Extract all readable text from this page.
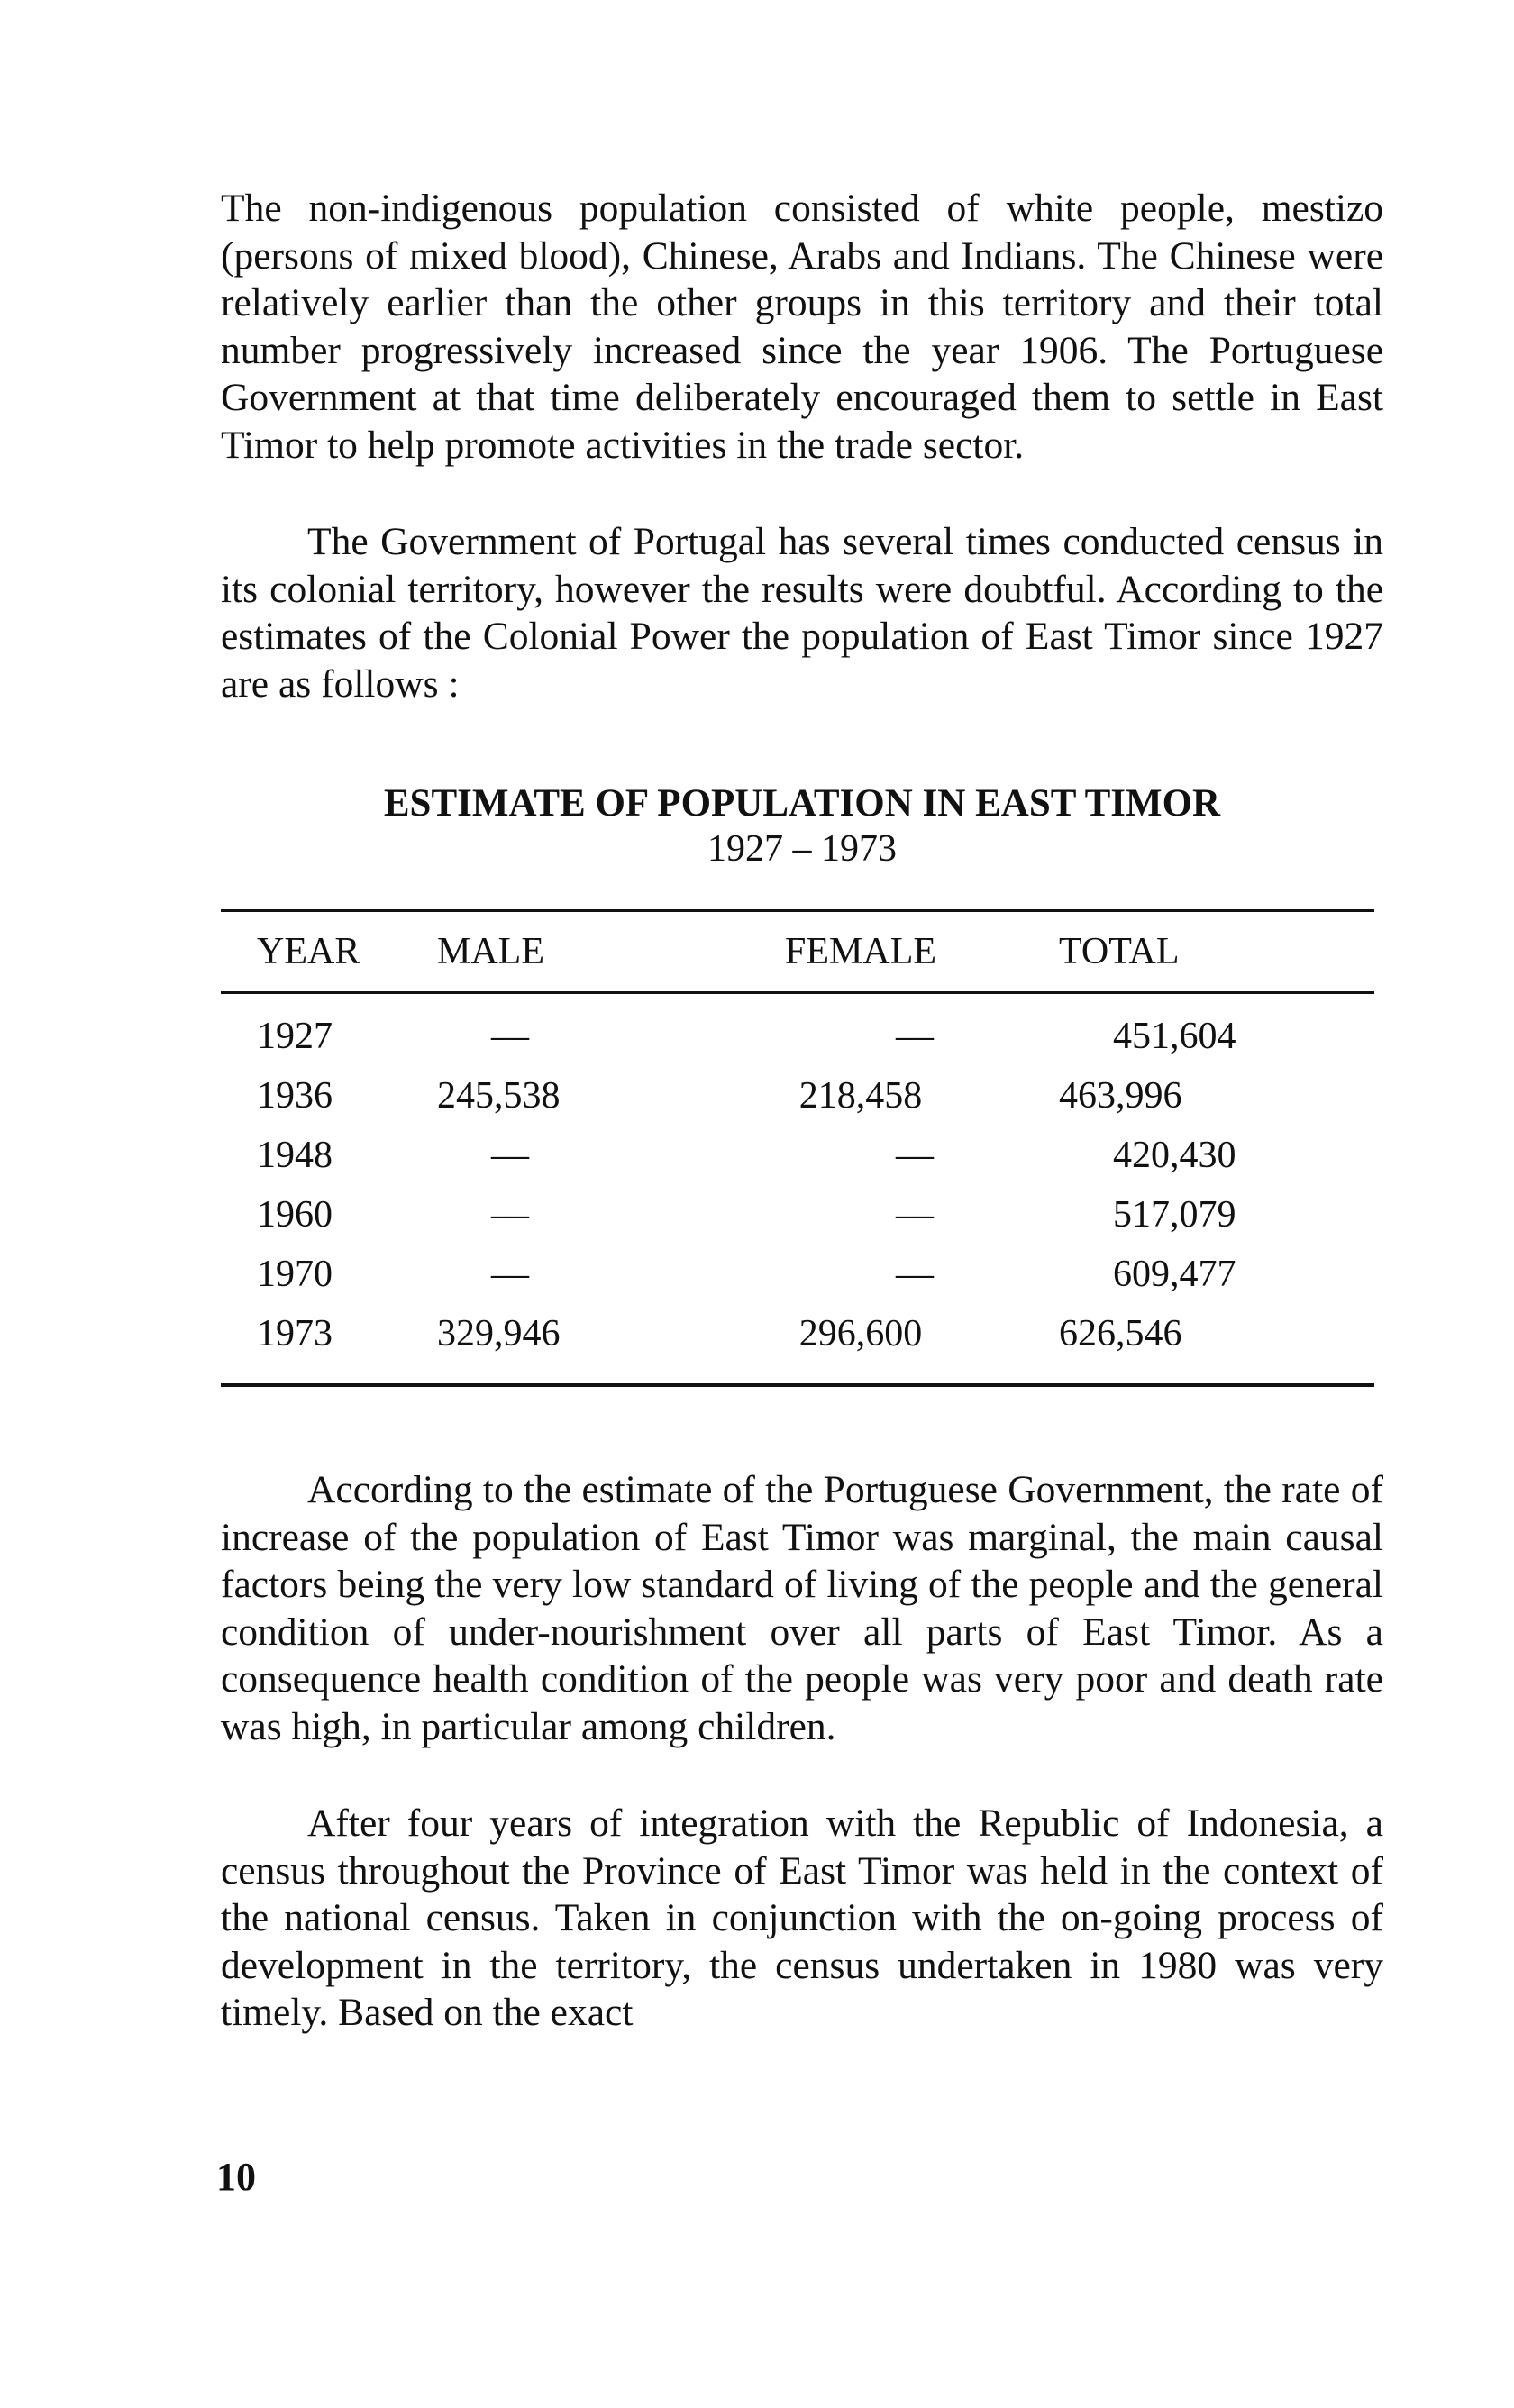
The non-indigenous population consisted of white people, mestizo (persons of mixed blood), Chinese, Arabs and Indians. The Chinese were relatively earlier than the other groups in this territory and their total number progressively increased since the year 1906. The Portuguese Government at that time deliberately encouraged them to settle in East Timor to help promote activities in the trade sector.

The Government of Portugal has several times conducted census in its colonial territory, however the results were doubtful. According to the estimates of the Colonial Power the population of East Timor since 1927 are as follows :

ESTIMATE OF POPULATION IN EAST TIMOR
1927 – 1973
YEAR	MALE	FEMALE	TOTAL
1927	––	––	451,604
1936	245,538	218,458	463,996
1948	––	––	420,430
1960	––	––	517,079
1970	––	––	609,477
1973	329,946	296,600	626,546

According to the estimate of the Portuguese Government, the rate of increase of the population of East Timor was marginal, the main causal factors being the very low standard of living of the people and the general condition of under-nourishment over all parts of East Timor. As a consequence health condition of the people was very poor and death rate was high, in particular among children.

After four years of integration with the Republic of Indonesia, a census throughout the Province of East Timor was held in the context of the national census. Taken in conjunction with the on-going process of development in the territory, the census undertaken in 1980 was very timely. Based on the exact

10
